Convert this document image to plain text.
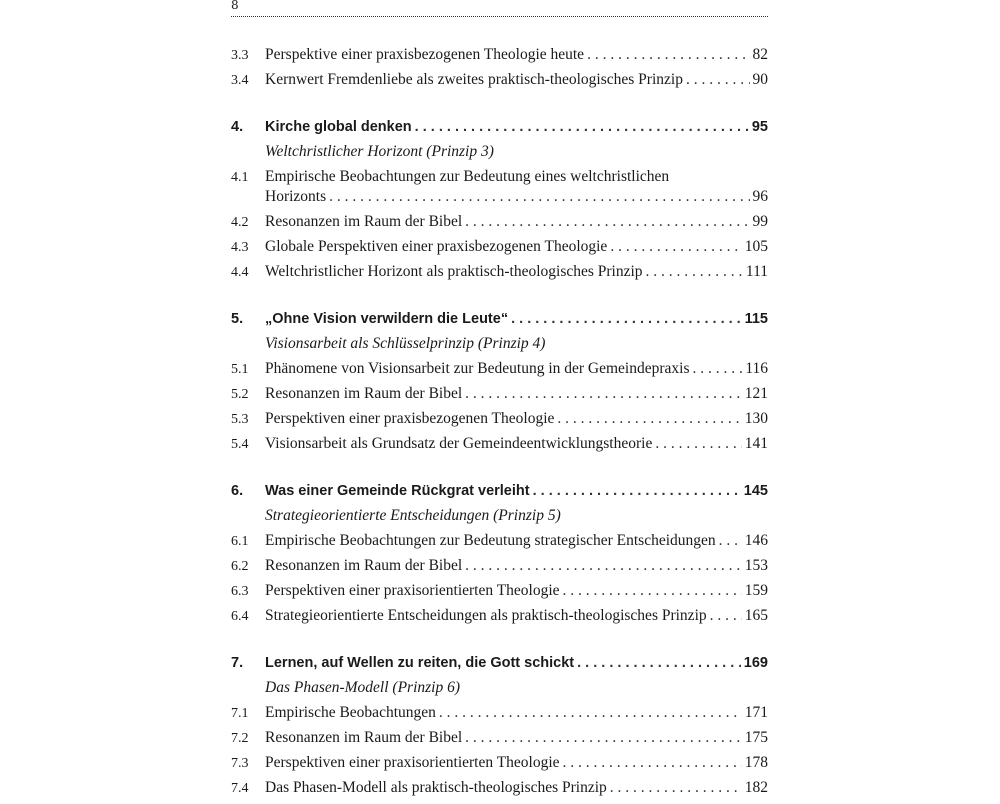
8
3.3	Perspektive einer praxisbezogenen Theologie heute . . .	82
3.4	Kernwert Fremdenliebe als zweites praktisch-theologisches Prinzip . . .	90
4.	Kirche global denken . . .	95
Weltchristlicher Horizont (Prinzip 3)
4.1	Empirische Beobachtungen zur Bedeutung eines weltchristlichen
Horizonts . . .	96
4.2	Resonanzen im Raum der Bibel . . .	99
4.3	Globale Perspektiven einer praxisbezogenen Theologie . . .	105
4.4	Weltchristlicher Horizont als praktisch-theologisches Prinzip . . .	111
5.	„Ohne Vision verwildern die Leute“ . . .	115
Visionsarbeit als Schlüsselprinzip (Prinzip 4)
5.1	Phänomene von Visionsarbeit zur Bedeutung in der Gemeindepraxis . . .	116
5.2	Resonanzen im Raum der Bibel . . .	121
5.3	Perspektiven einer praxisbezogenen Theologie . . .	130
5.4	Visionsarbeit als Grundsatz der Gemeindeentwicklungstheorie . . .	141
6.	Was einer Gemeinde Rückgrat verleiht . . .	145
Strategieorientierte Entscheidungen (Prinzip 5)
6.1	Empirische Beobachtungen zur Bedeutung strategischer Entscheidungen . . . 146
6.2	Resonanzen im Raum der Bibel . . .	153
6.3	Perspektiven einer praxisorientierten Theologie . . .	159
6.4	Strategieorientierte Entscheidungen als praktisch-theologisches Prinzip . . . 165
7.	Lernen, auf Wellen zu reiten, die Gott schickt . . .	169
Das Phasen-Modell (Prinzip 6)
7.1	Empirische Beobachtungen . . .	171
7.2	Resonanzen im Raum der Bibel . . .	175
7.3	Perspektiven einer praxisorientierten Theologie . . .	178
7.4	Das Phasen-Modell als praktisch-theologisches Prinzip . . .	182
